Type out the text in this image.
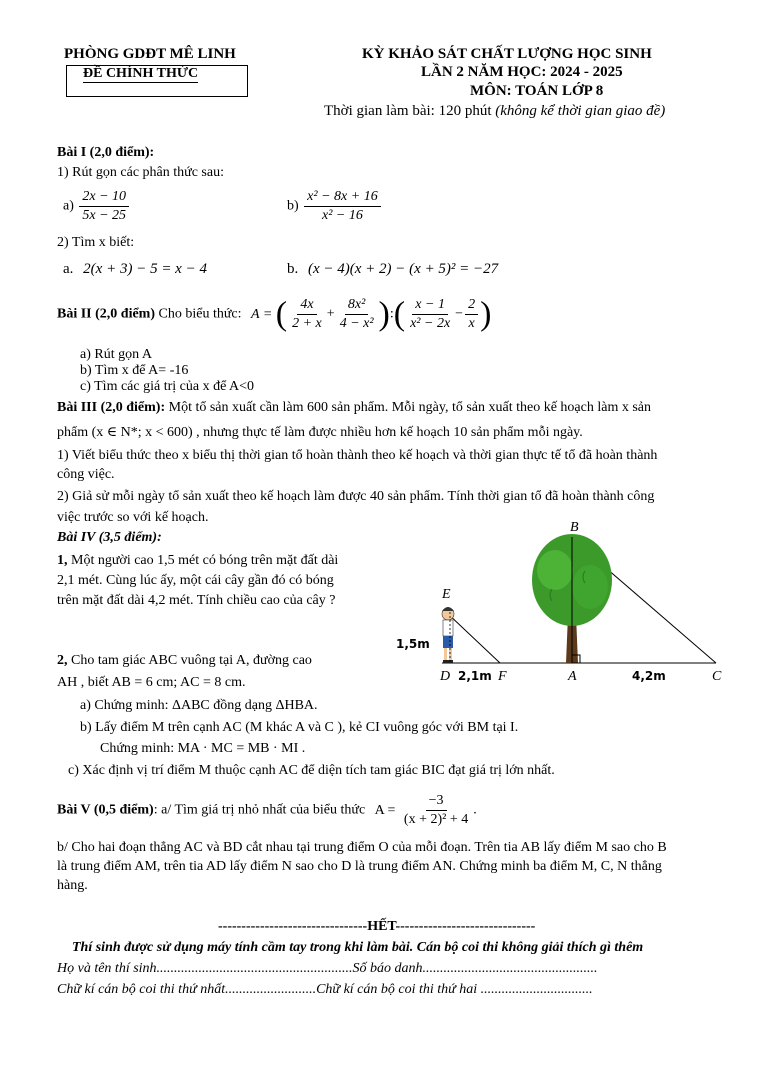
PHÒNG GDĐT MÊ LINH
ĐỀ CHÍNH THỨC
KỲ KHẢO SÁT CHẤT LƯỢNG HỌC SINH
LẦN 2 NĂM HỌC: 2024 - 2025
MÔN: TOÁN LỚP 8
Thời gian làm bài: 120 phút (không kể thời gian giao đề)
Bài I (2,0 điểm):
1) Rút gọn các phân thức sau:
$a) \frac{2x - 10}{5x - 25}$	$b) \frac{\text{x² − 8x + 16}}{\text{x² − 16}}$
2) Tìm x biết:
a. 2(x + 3) − 5 = x − 4	b. (x − 4)(x + 2) − (x + 5)² = −27
Bài II (2,0 điểm) Cho biểu thức: A = ( $\frac{4x}{2 + x} + \frac{\text{8x²}}{\text{4 − x²}}$ ):( $\frac{x - 1}{\text{x² − 2x}} - \frac{2}{x}$ )
a) Rút gọn A
b) Tìm x để A= -16
c) Tìm các giá trị của x để A<0
Bài III (2,0 điểm): Một tổ sản xuất cần làm 600 sản phẩm. Mỗi ngày, tổ sản xuất theo kế hoạch làm x sản
phẩm (x ∈ N*; x < 600) , nhưng thực tế làm được nhiều hơn kế hoạch 10 sản phẩm mỗi ngày.
1) Viết biểu thức theo x biểu thị thời gian tổ hoàn thành theo kế hoạch và thời gian thực tế tổ đã hoàn thành
công việc.
2) Giả sử mỗi ngày tổ sản xuất theo kế hoạch làm được 40 sản phẩm. Tính thời gian tổ đã hoàn thành công
việc trước so với kế hoạch.
Bài IV (3,5 điểm):
1, Một người cao 1,5 mét có bóng trên mặt đất dài
2,1 mét. Cùng lúc ấy, một cái cây gần đó có bóng
trên mặt đất dài 4,2 mét. Tính chiều cao của cây ?
2, Cho tam giác ABC vuông tại A, đường cao
AH , biết AB = 6 cm; AC = 8 cm.
a) Chứng minh: ΔABC đồng dạng ΔHBA.
b) Lấy điểm M trên cạnh AC (M khác A và C ), kẻ CI vuông góc với BM tại I.
Chứng minh: MA · MC = MB · MI .
c) Xác định vị trí điểm M thuộc cạnh AC để diện tích tam giác BIC đạt giá trị lớn nhất.
B
E
D	F	A	C
1,5m
2,1m	4,2m
Bài V (0,5 điểm): a/ Tìm giá trị nhỏ nhất của biểu thức $A = \frac{-3}{\text{(x + 2)² + 4}}$ .
b/ Cho hai đoạn thẳng AC và BD cắt nhau tại trung điểm O của mỗi đoạn. Trên tia AB lấy điểm M sao cho B
là trung điểm AM, trên tia AD lấy điểm N sao cho D là trung điểm AN. Chứng minh ba điểm M, C, N thẳng
hàng.
--------------------------------HẾT------------------------------
Thí sinh được sử dụng máy tính cầm tay trong khi làm bài. Cán bộ coi thi không giải thích gì thêm
Họ và tên thí sinh........................................................Số báo danh..................................................
Chữ kí cán bộ coi thi thứ nhất..........................Chữ kí cán bộ coi thi thứ hai ................................
